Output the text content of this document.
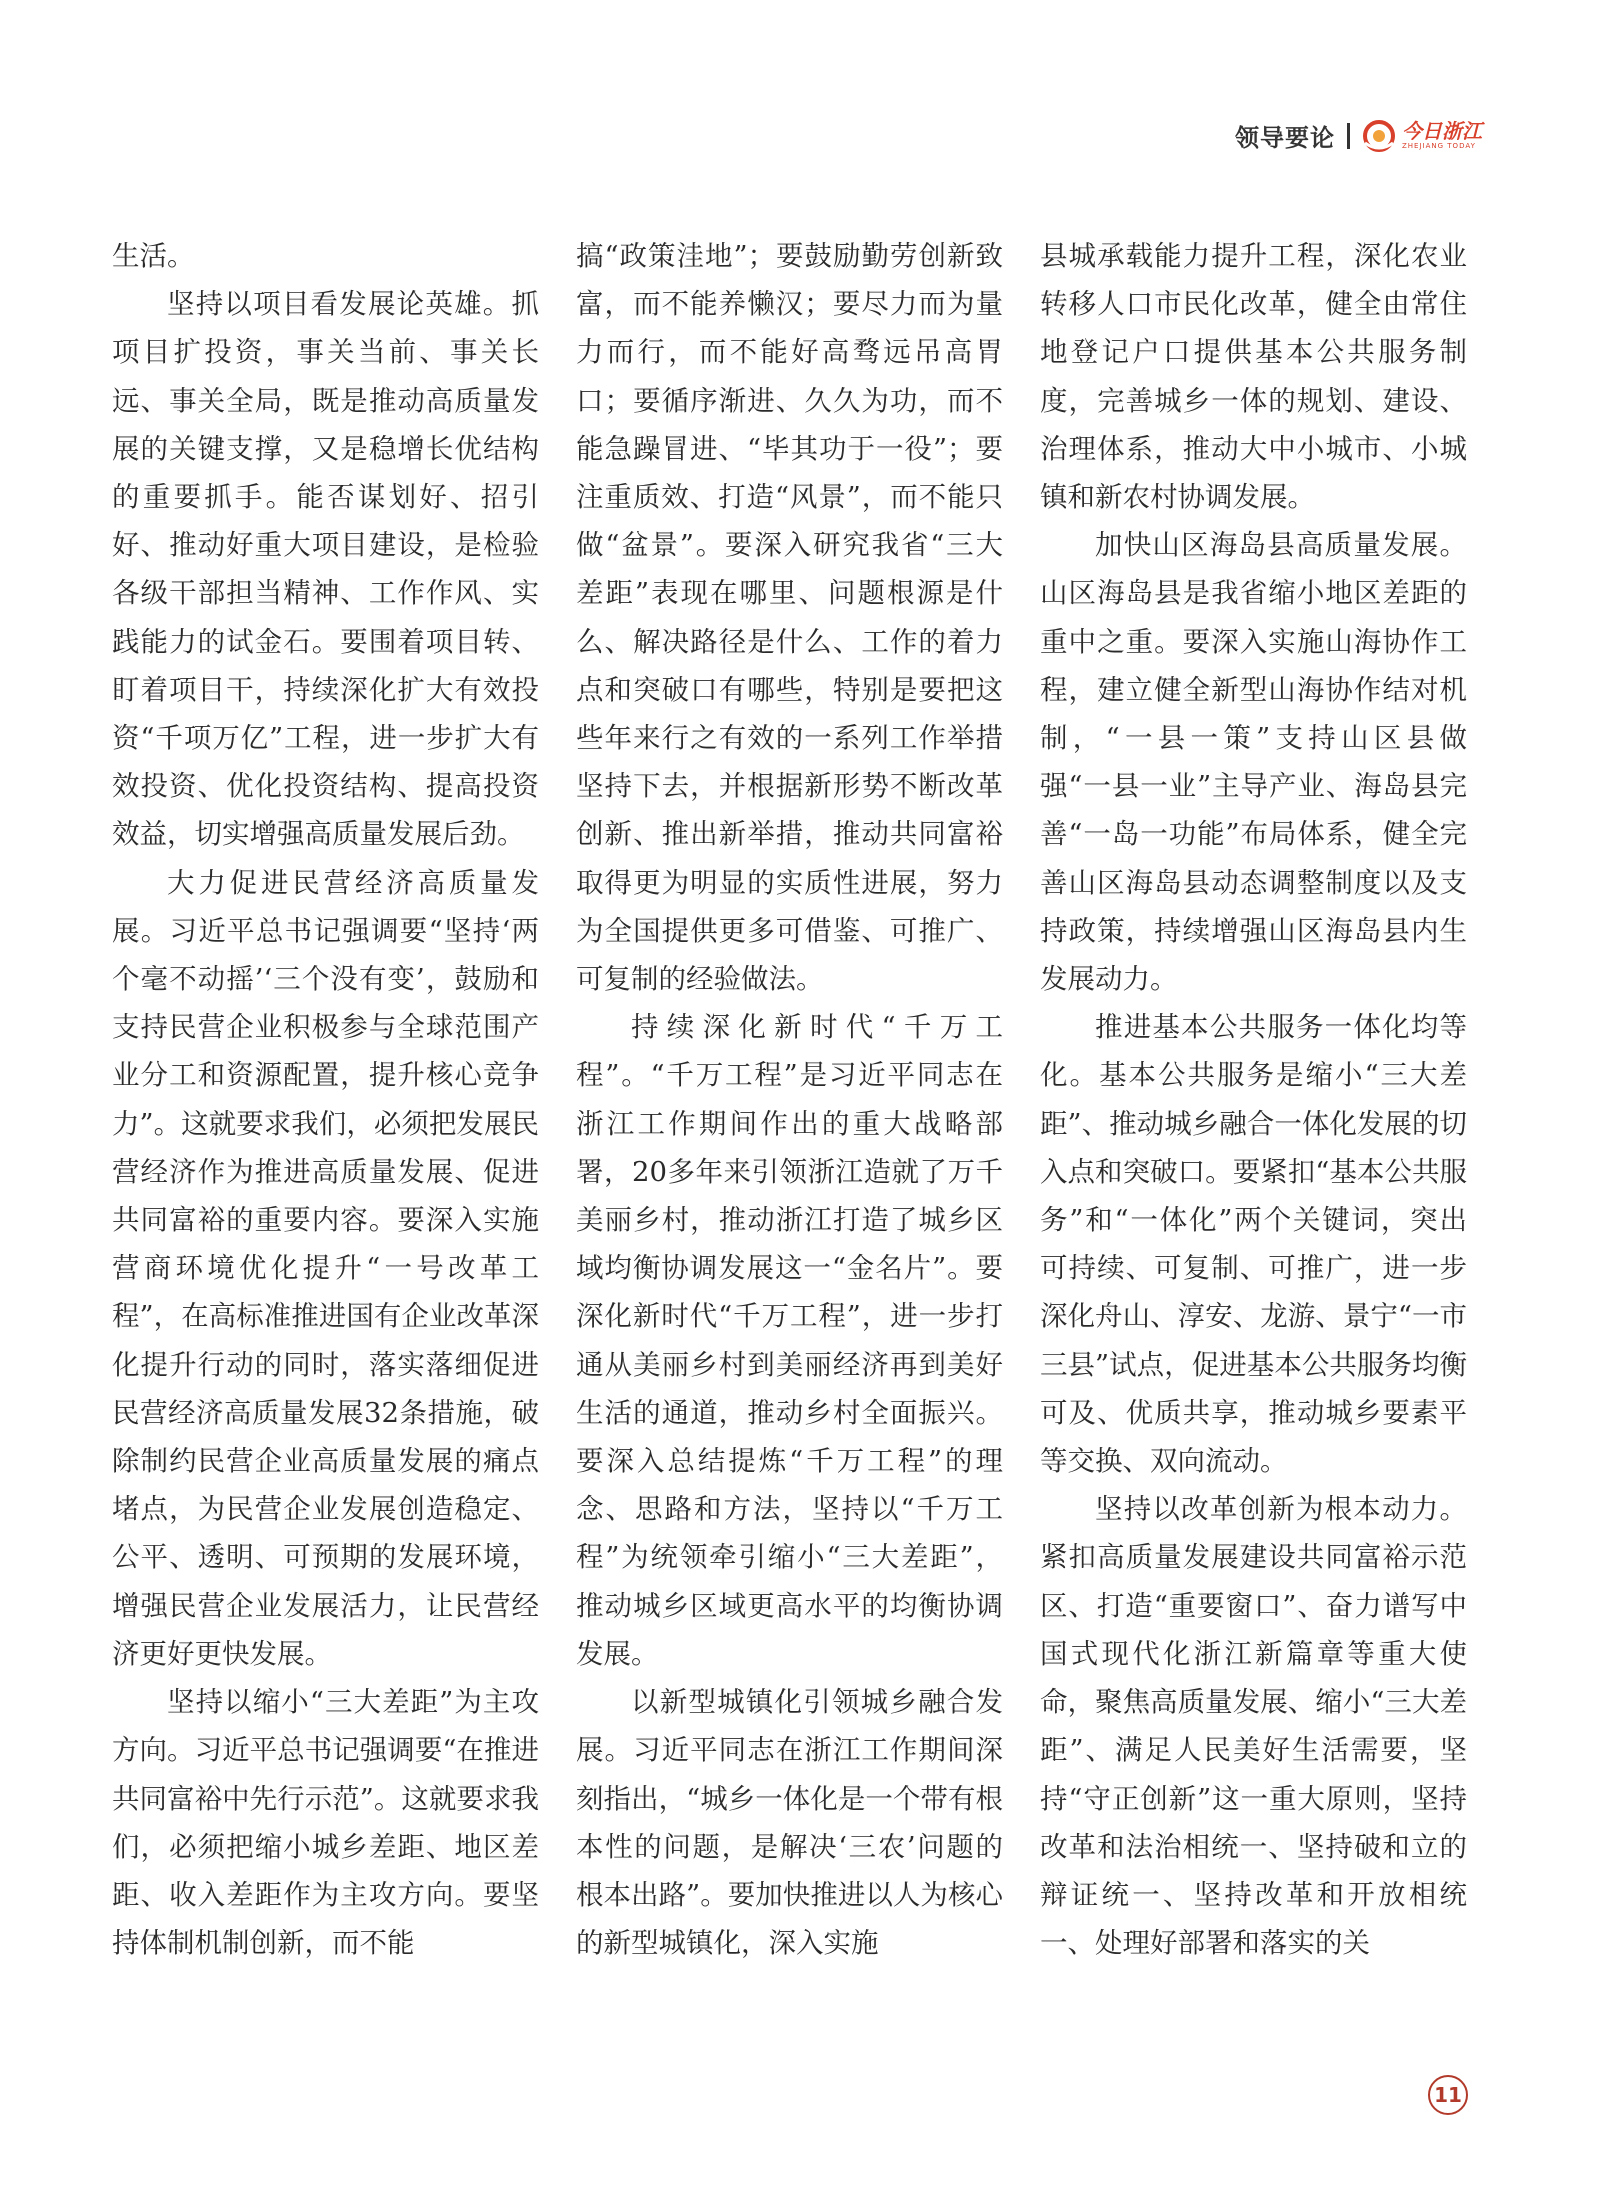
领导要论	今日浙江
ZHEJIANG TODAY

生活。

坚持以项目看发展论英雄。抓项目扩投资，事关当前、事关长远、事关全局，既是推动高质量发展的关键支撑，又是稳增长优结构的重要抓手。能否谋划好、招引好、推动好重大项目建设，是检验各级干部担当精神、工作作风、实践能力的试金石。要围着项目转、盯着项目干，持续深化扩大有效投资“千项万亿”工程，进一步扩大有效投资、优化投资结构、提高投资效益，切实增强高质量发展后劲。

大力促进民营经济高质量发展。习近平总书记强调要“坚持‘两个毫不动摇’‘三个没有变’，鼓励和支持民营企业积极参与全球范围产业分工和资源配置，提升核心竞争力”。这就要求我们，必须把发展民营经济作为推进高质量发展、促进共同富裕的重要内容。要深入实施营商环境优化提升“一号改革工程”，在高标准推进国有企业改革深化提升行动的同时，落实落细促进民营经济高质量发展32条措施，破除制约民营企业高质量发展的痛点堵点，为民营企业发展创造稳定、公平、透明、可预期的发展环境，增强民营企业发展活力，让民营经济更好更快发展。

坚持以缩小“三大差距”为主攻方向。习近平总书记强调要“在推进共同富裕中先行示范”。这就要求我们，必须把缩小城乡差距、地区差距、收入差距作为主攻方向。要坚持体制机制创新，而不能

搞“政策洼地”；要鼓励勤劳创新致富，而不能养懒汉；要尽力而为量力而行，而不能好高骛远吊高胃口；要循序渐进、久久为功，而不能急躁冒进、“毕其功于一役”；要注重质效、打造“风景”，而不能只做“盆景”。要深入研究我省“三大差距”表现在哪里、问题根源是什么、解决路径是什么、工作的着力点和突破口有哪些，特别是要把这些年来行之有效的一系列工作举措坚持下去，并根据新形势不断改革创新、推出新举措，推动共同富裕取得更为明显的实质性进展，努力为全国提供更多可借鉴、可推广、可复制的经验做法。

持续深化新时代“千万工程”。“千万工程”是习近平同志在浙江工作期间作出的重大战略部署，20多年来引领浙江造就了万千美丽乡村，推动浙江打造了城乡区域均衡协调发展这一“金名片”。要深化新时代“千万工程”，进一步打通从美丽乡村到美丽经济再到美好生活的通道，推动乡村全面振兴。要深入总结提炼“千万工程”的理念、思路和方法，坚持以“千万工程”为统领牵引缩小“三大差距”，推动城乡区域更高水平的均衡协调发展。

以新型城镇化引领城乡融合发展。习近平同志在浙江工作期间深刻指出，“城乡一体化是一个带有根本性的问题，是解决‘三农’问题的根本出路”。要加快推进以人为核心的新型城镇化，深入实施

县城承载能力提升工程，深化农业转移人口市民化改革，健全由常住地登记户口提供基本公共服务制度，完善城乡一体的规划、建设、治理体系，推动大中小城市、小城镇和新农村协调发展。

加快山区海岛县高质量发展。山区海岛县是我省缩小地区差距的重中之重。要深入实施山海协作工程，建立健全新型山海协作结对机制，“一县一策”支持山区县做强“一县一业”主导产业、海岛县完善“一岛一功能”布局体系，健全完善山区海岛县动态调整制度以及支持政策，持续增强山区海岛县内生发展动力。

推进基本公共服务一体化均等化。基本公共服务是缩小“三大差距”、推动城乡融合一体化发展的切入点和突破口。要紧扣“基本公共服务”和“一体化”两个关键词，突出可持续、可复制、可推广，进一步深化舟山、淳安、龙游、景宁“一市三县”试点，促进基本公共服务均衡可及、优质共享，推动城乡要素平等交换、双向流动。

坚持以改革创新为根本动力。紧扣高质量发展建设共同富裕示范区、打造“重要窗口”、奋力谱写中国式现代化浙江新篇章等重大使命，聚焦高质量发展、缩小“三大差距”、满足人民美好生活需要，坚持“守正创新”这一重大原则，坚持改革和法治相统一、坚持破和立的辩证统一、坚持改革和开放相统一、处理好部署和落实的关

11
